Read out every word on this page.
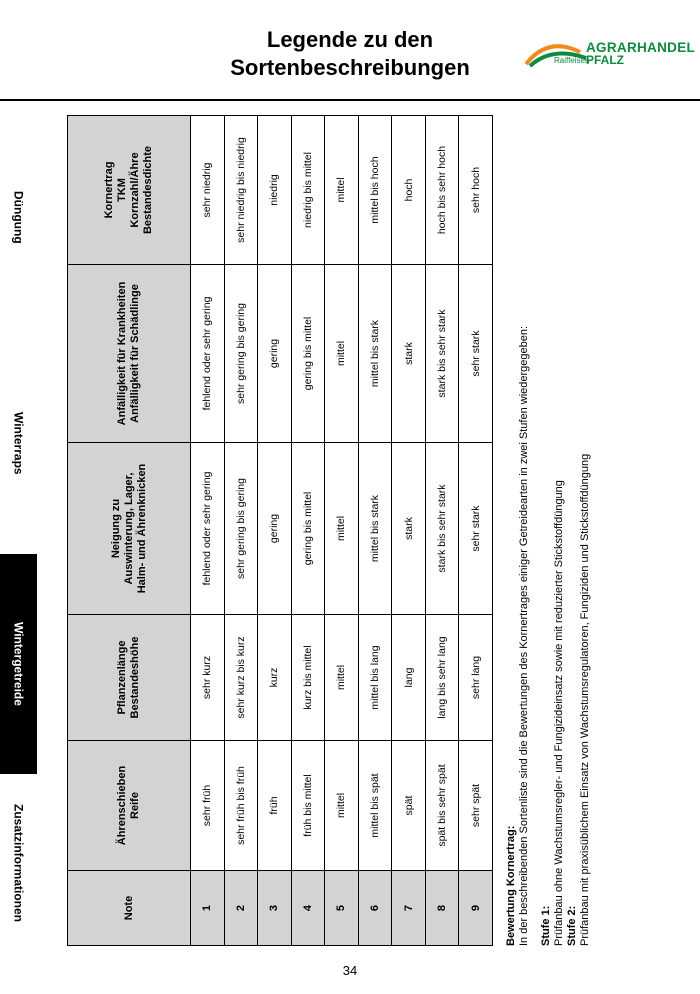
Legende zu den Sortenbeschreibungen
AGRARHANDEL
Raiffeisen
PFALZ
Düngung
Winterraps
Wintergetreide
Zusatzinformationen	Note	Ährenschieben
Reife	Pflanzenlänge
Bestandeshöhe	Neigung zu
Auswinterung, Lager,
Halm- und Ährenknicken	Anfälligkeit für Krankheiten
Anfälligkeit für Schädlinge	Kornertrag
TKM
Kornzahl/Ähre
Bestandesdichte
1	sehr früh	sehr kurz	fehlend oder sehr gering	fehlend oder sehr gering	sehr niedrig
2	sehr früh bis früh	sehr kurz bis kurz	sehr gering bis gering	sehr gering bis gering	sehr niedrig bis niedrig
3	früh	kurz	gering	gering	niedrig
4	früh bis mittel	kurz bis mittel	gering bis mittel	gering bis mittel	niedrig bis mittel
5	mittel	mittel	mittel	mittel	mittel
6	mittel bis spät	mittel bis lang	mittel bis stark	mittel bis stark	mittel bis hoch
7	spät	lang	stark	stark	hoch
8	spät bis sehr spät	lang bis sehr lang	stark bis sehr stark	stark bis sehr stark	hoch bis sehr hoch
9	sehr spät	sehr lang	sehr stark	sehr stark	sehr hoch

Bewertung Kornertrag: In der beschreibenden Sortenliste sind die Bewertungen des Kornertrages einiger Getreidearten in zwei Stufen wiedergegeben: Stufe 1: Prüfanbau ohne Wachstumsregler- und Fungizideinsatz sowie mit reduzierter Stickstoffdüngung Stufe 2: Prüfanbau mit praxisüblichem Einsatz von Wachstumsregulatoren, Fungiziden und Stickstoffdüngung

34
